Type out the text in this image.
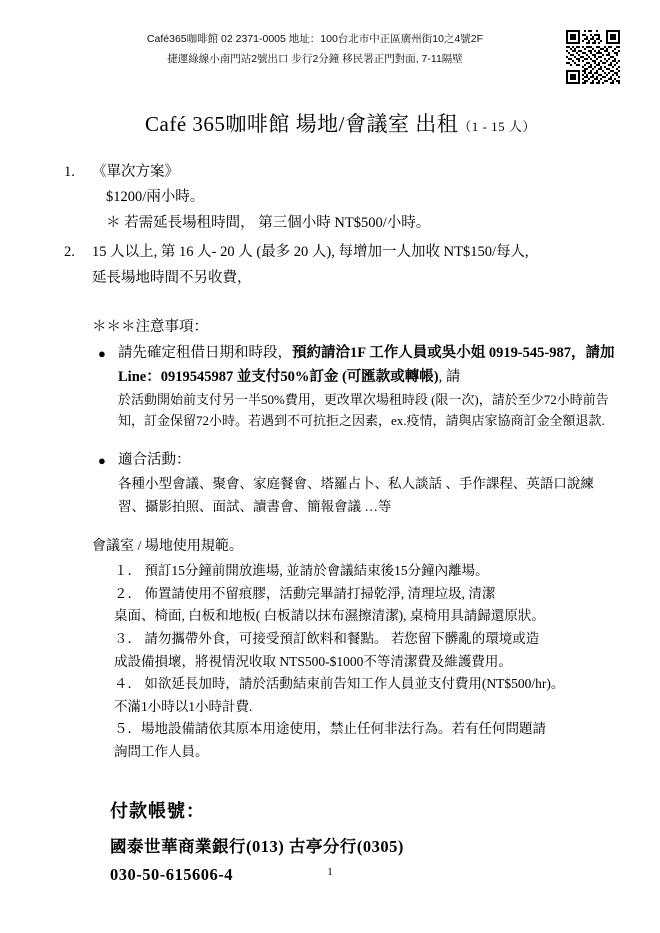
Café365咖啡館 02 2371-0005 地址：100台北市中正區廣州街10之4號2F
捷運綠線小南門站2號出口 步行2分鐘 移民署正門對面, 7-11隔壁
Café 365咖啡館 場地/會議室 出租（1 - 15 人）
1. 《單次方案》
$1200/兩小時。
＊ 若需延長場租時間， 第三個小時 NT$500/小時。
2. 15 人以上, 第 16 人- 20 人 (最多 20 人), 每增加一人加收 NT$150/每人,
延長場地時間不另收費，
＊＊＊注意事項：
● 請先確定租借日期和時段，預約請洽1F 工作人員或吳小姐 0919-545-987，請加 Line：0919545987 並支付50%訂金 (可匯款或轉帳), 請
於活動開始前支付另一半50%費用，更改單次場租時段 (限一次)，請於至少72小時前告知，訂金保留72小時。若遇到不可抗拒之因素，ex.疫情，請與店家協商訂金全額退款.
● 適合活動：
各種小型會議、聚會、家庭餐會、塔羅占卜、私人談話 、手作課程、英語口說練習、攝影拍照、面試、讀書會、簡報會議 …等
會議室 / 場地使用規範。
１． 預訂15分鐘前開放進場, 並請於會議結束後15分鐘內離場。
２． 佈置請使用不留痕膠，活動完畢請打掃乾淨, 清理垃圾, 清潔
桌面、椅面, 白板和地板( 白板請以抹布濕擦清潔), 桌椅用具請歸還原狀。
３． 請勿攜帶外食，可接受預訂飲料和餐點。 若您留下髒亂的環境或造
成設備損壞，將視情況收取 NTS500-$1000不等清潔費及維護費用。
４． 如欲延長加時，請於活動結束前告知工作人員並支付費用(NT$500/hr)。
不滿1小時以1小時計費.
５．場地設備請依其原本用途使用，禁止任何非法行為。若有任何問題請
詢問工作人員。
付款帳號：
國泰世華商業銀行(013) 古亭分行(0305)
030-50-615606-4	1
